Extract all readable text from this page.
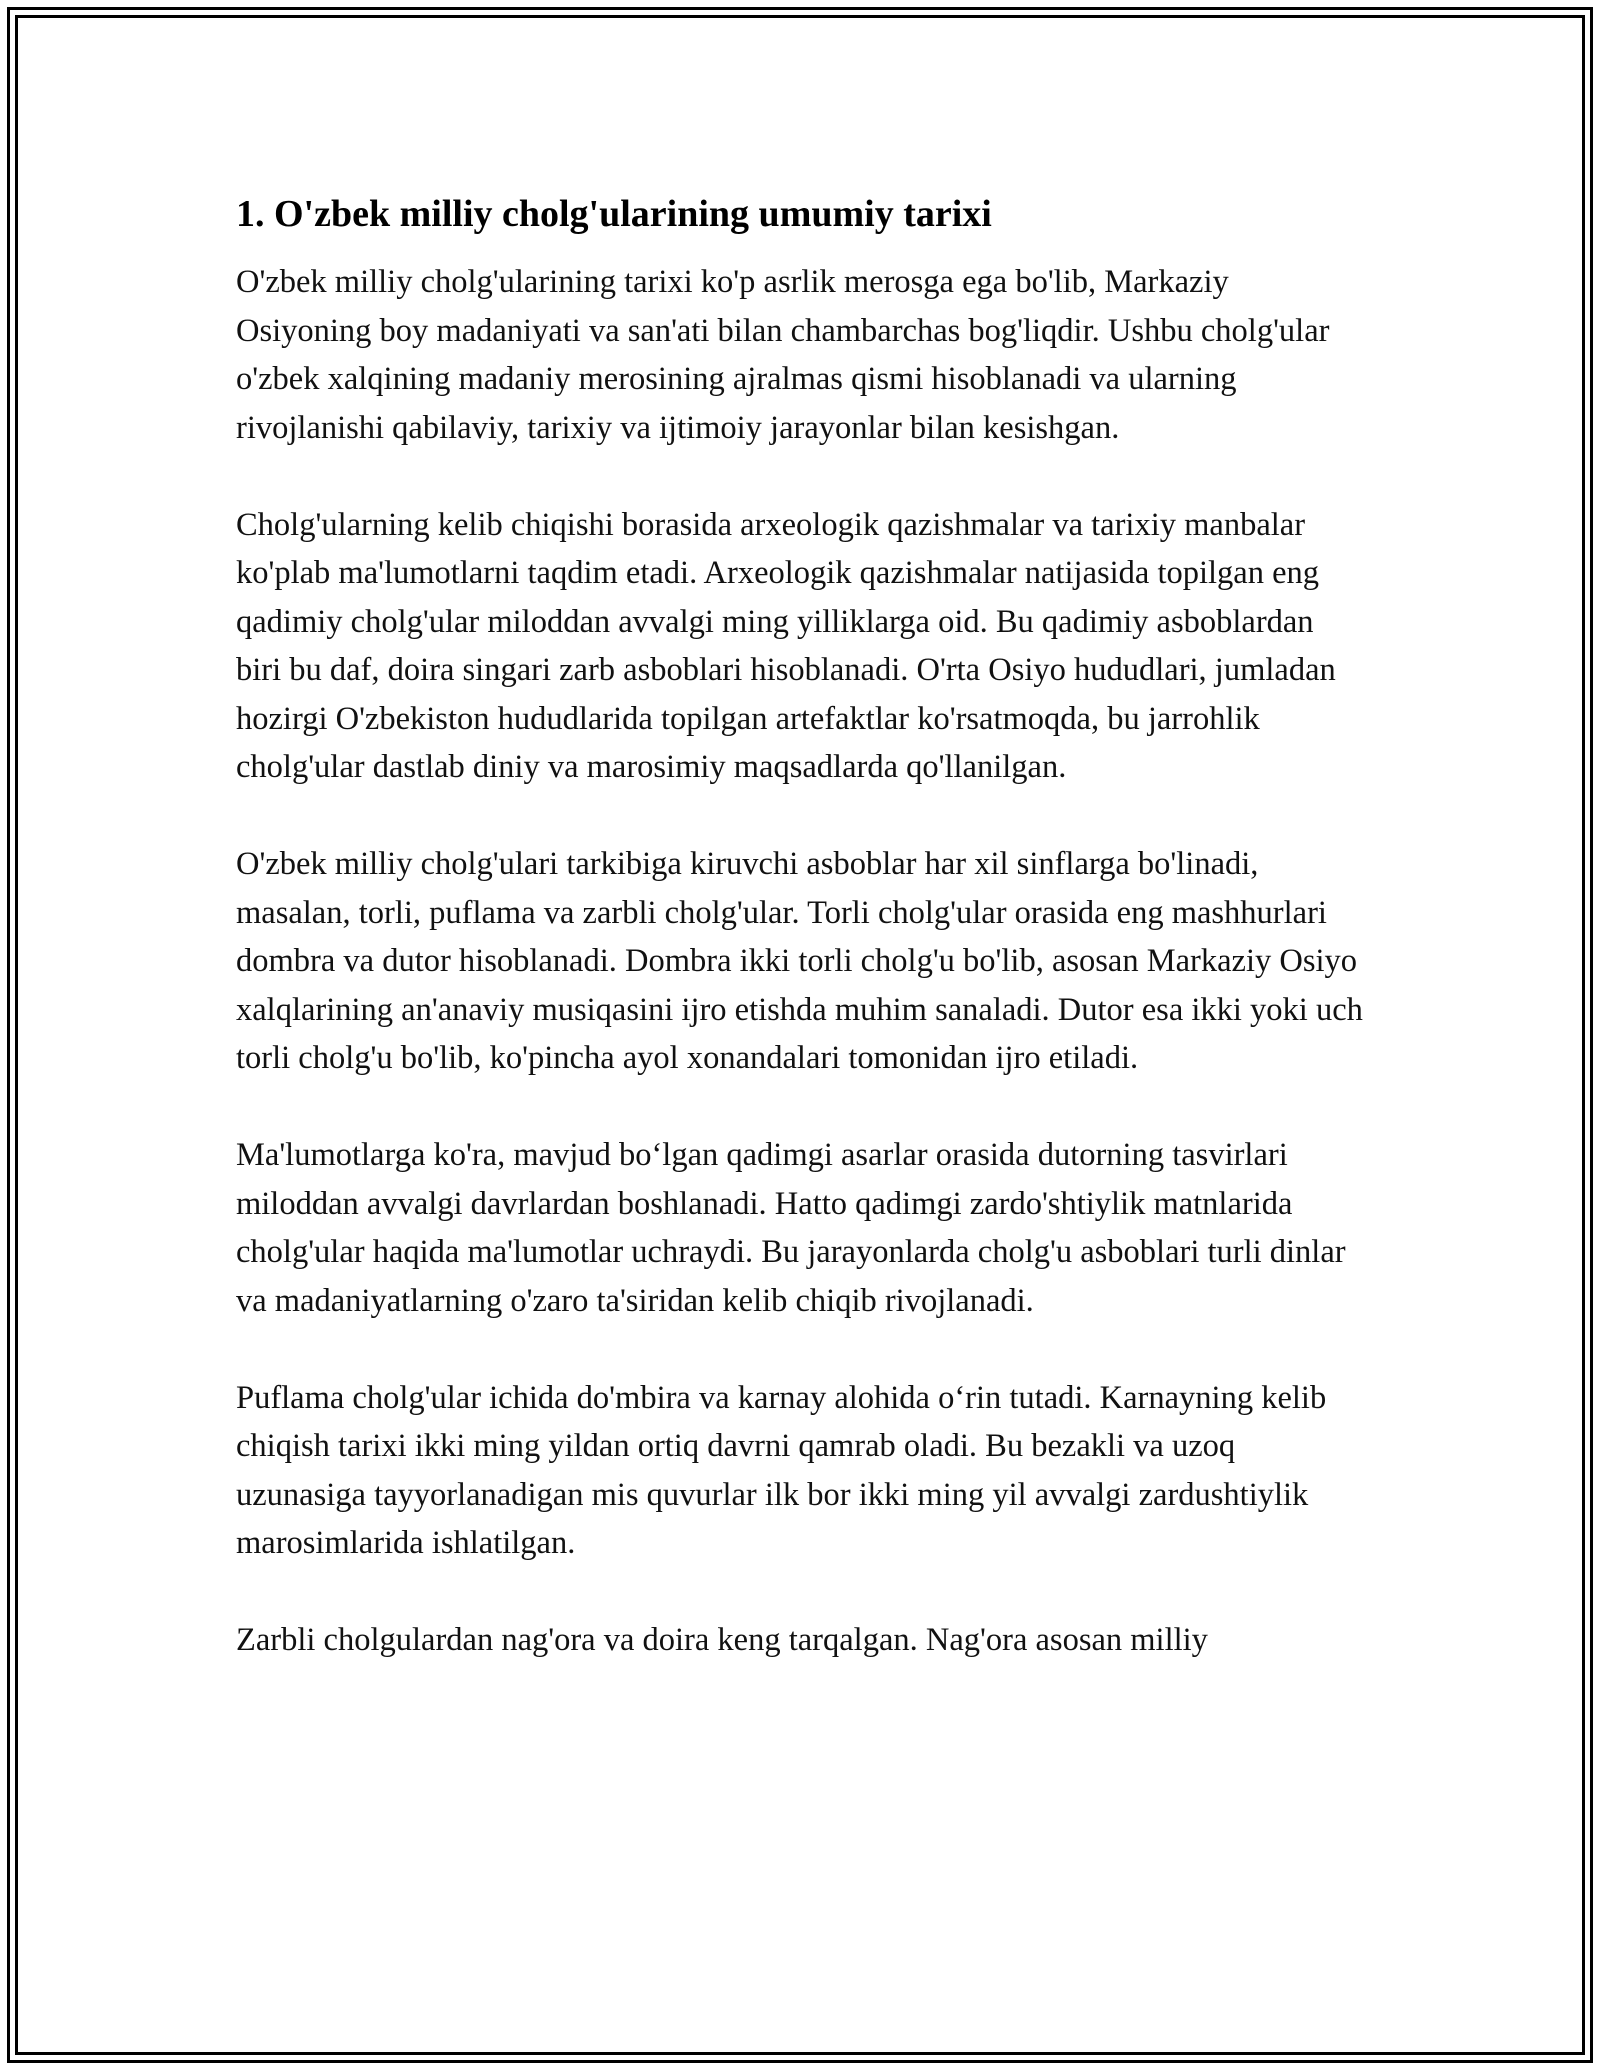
1. O'zbek milliy cholg'ularining umumiy tarixi

O'zbek milliy cholg'ularining tarixi ko'p asrlik merosga ega bo'lib, Markaziy Osiyoning boy madaniyati va san'ati bilan chambarchas bog'liqdir. Ushbu cholg'ular o'zbek xalqining madaniy merosining ajralmas qismi hisoblanadi va ularning rivojlanishi qabilaviy, tarixiy va ijtimoiy jarayonlar bilan kesishgan.

Cholg'ularning kelib chiqishi borasida arxeologik qazishmalar va tarixiy manbalar ko'plab ma'lumotlarni taqdim etadi. Arxeologik qazishmalar natijasida topilgan eng qadimiy cholg'ular miloddan avvalgi ming yilliklarga oid. Bu qadimiy asboblardan biri bu daf, doira singari zarb asboblari hisoblanadi. O'rta Osiyo hududlari, jumladan hozirgi O'zbekiston hududlarida topilgan artefaktlar ko'rsatmoqda, bu jarrohlik cholg'ular dastlab diniy va marosimiy maqsadlarda qo'llanilgan.

O'zbek milliy cholg'ulari tarkibiga kiruvchi asboblar har xil sinflarga bo'linadi, masalan, torli, puflama va zarbli cholg'ular. Torli cholg'ular orasida eng mashhurlari dombra va dutor hisoblanadi. Dombra ikki torli cholg'u bo'lib, asosan Markaziy Osiyo xalqlarining an'anaviy musiqasini ijro etishda muhim sanaladi. Dutor esa ikki yoki uch torli cholg'u bo'lib, ko'pincha ayol xonandalari tomonidan ijro etiladi.

Ma'lumotlarga ko'ra, mavjud bo‘lgan qadimgi asarlar orasida dutorning tasvirlari miloddan avvalgi davrlardan boshlanadi. Hatto qadimgi zardo'shtiylik matnlarida cholg'ular haqida ma'lumotlar uchraydi. Bu jarayonlarda cholg'u asboblari turli dinlar va madaniyatlarning o'zaro ta'siridan kelib chiqib rivojlanadi.

Puflama cholg'ular ichida do'mbira va karnay alohida o‘rin tutadi. Karnayning kelib chiqish tarixi ikki ming yildan ortiq davrni qamrab oladi. Bu bezakli va uzoq uzunasiga tayyorlanadigan mis quvurlar ilk bor ikki ming yil avvalgi zardushtiylik marosimlarida ishlatilgan.

Zarbli cholgulardan nag'ora va doira keng tarqalgan. Nag'ora asosan milliy
